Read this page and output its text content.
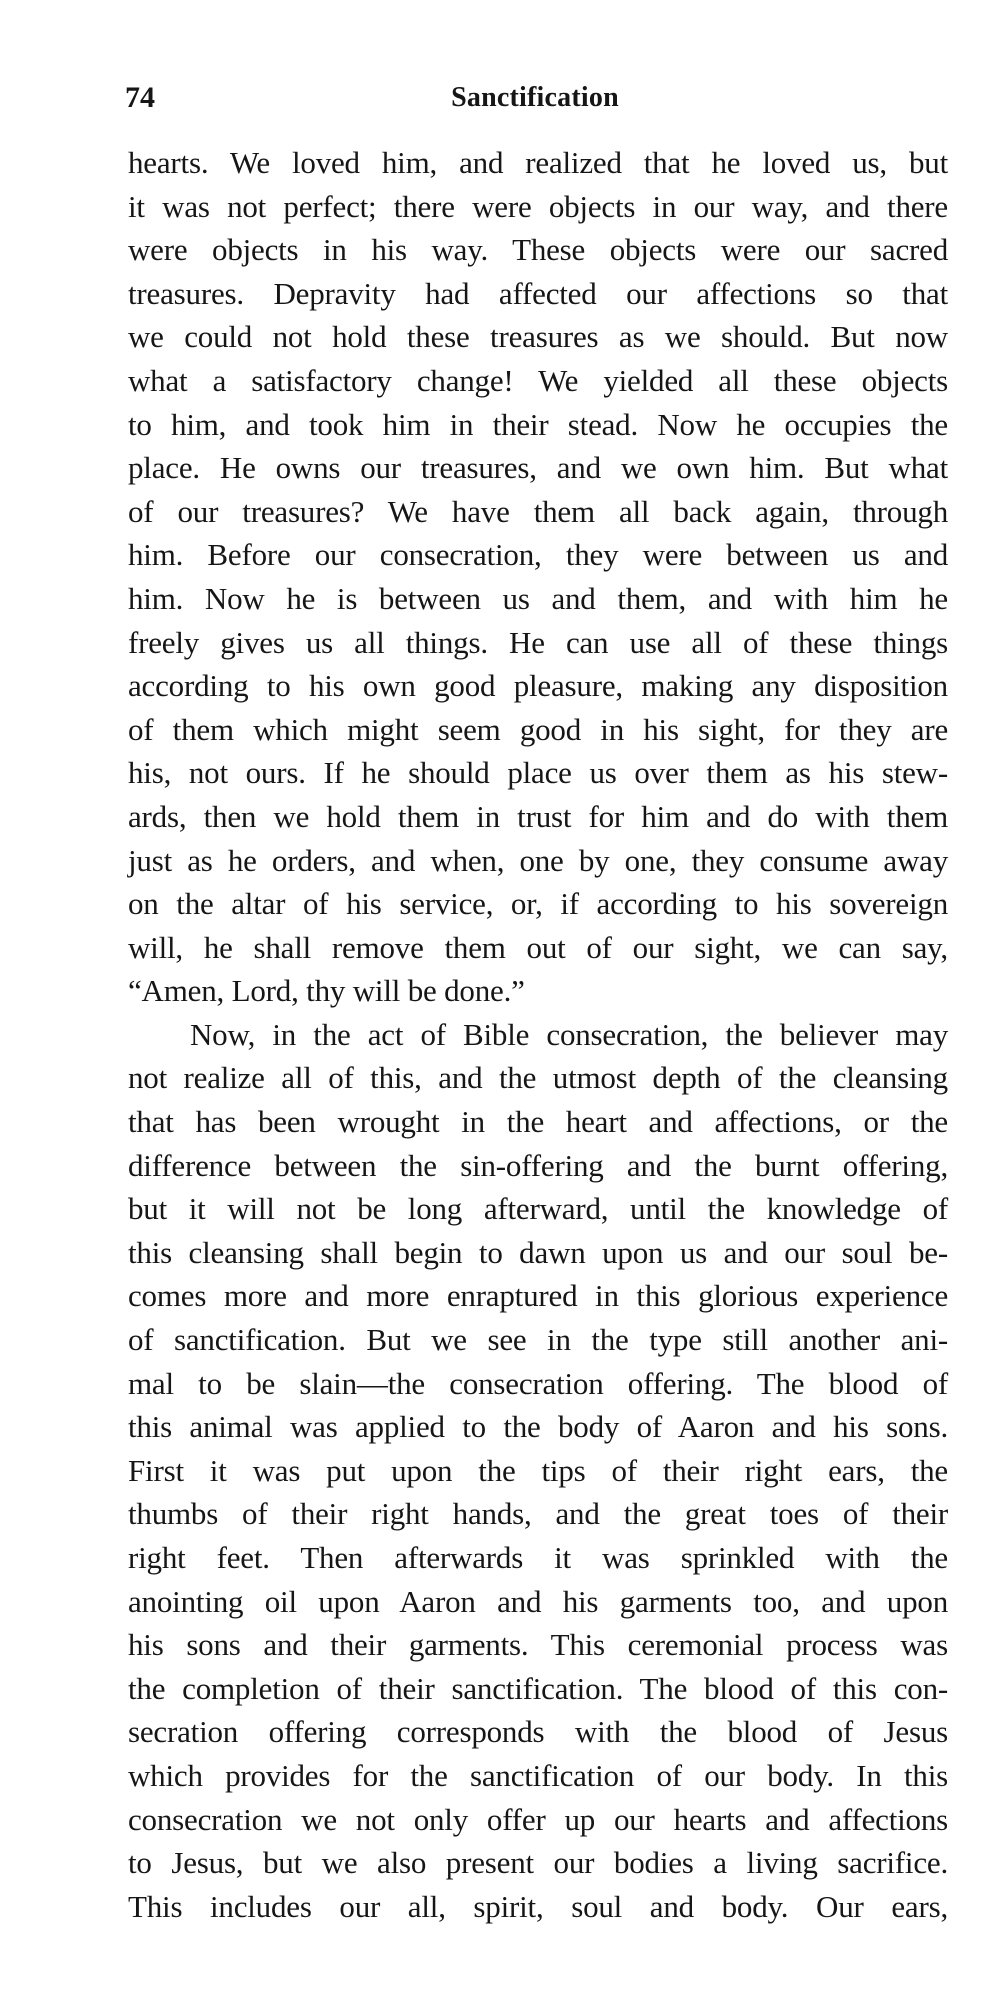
74	Sanctification
hearts. We loved him, and realized that he loved us, but
it was not perfect; there were objects in our way, and there
were objects in his way. These objects were our sacred
treasures. Depravity had affected our affections so that
we could not hold these treasures as we should. But now
what a satisfactory change! We yielded all these objects
to him, and took him in their stead. Now he occupies the
place. He owns our treasures, and we own him. But what
of our treasures? We have them all back again, through
him. Before our consecration, they were between us and
him. Now he is between us and them, and with him he
freely gives us all things. He can use all of these things
according to his own good pleasure, making any disposition
of them which might seem good in his sight, for they are
his, not ours. If he should place us over them as his stew-
ards, then we hold them in trust for him and do with them
just as he orders, and when, one by one, they consume away
on the altar of his service, or, if according to his sovereign
will, he shall remove them out of our sight, we can say,
“Amen, Lord, thy will be done.”
Now, in the act of Bible consecration, the believer may
not realize all of this, and the utmost depth of the cleansing
that has been wrought in the heart and affections, or the
difference between the sin-offering and the burnt offering,
but it will not be long afterward, until the knowledge of
this cleansing shall begin to dawn upon us and our soul be-
comes more and more enraptured in this glorious experience
of sanctification. But we see in the type still another ani-
mal to be slain—the consecration offering. The blood of
this animal was applied to the body of Aaron and his sons.
First it was put upon the tips of their right ears, the
thumbs of their right hands, and the great toes of their
right feet. Then afterwards it was sprinkled with the
anointing oil upon Aaron and his garments too, and upon
his sons and their garments. This ceremonial process was
the completion of their sanctification. The blood of this con-
secration offering corresponds with the blood of Jesus
which provides for the sanctification of our body. In this
consecration we not only offer up our hearts and affections
to Jesus, but we also present our bodies a living sacrifice.
This includes our all, spirit, soul and body. Our ears,
